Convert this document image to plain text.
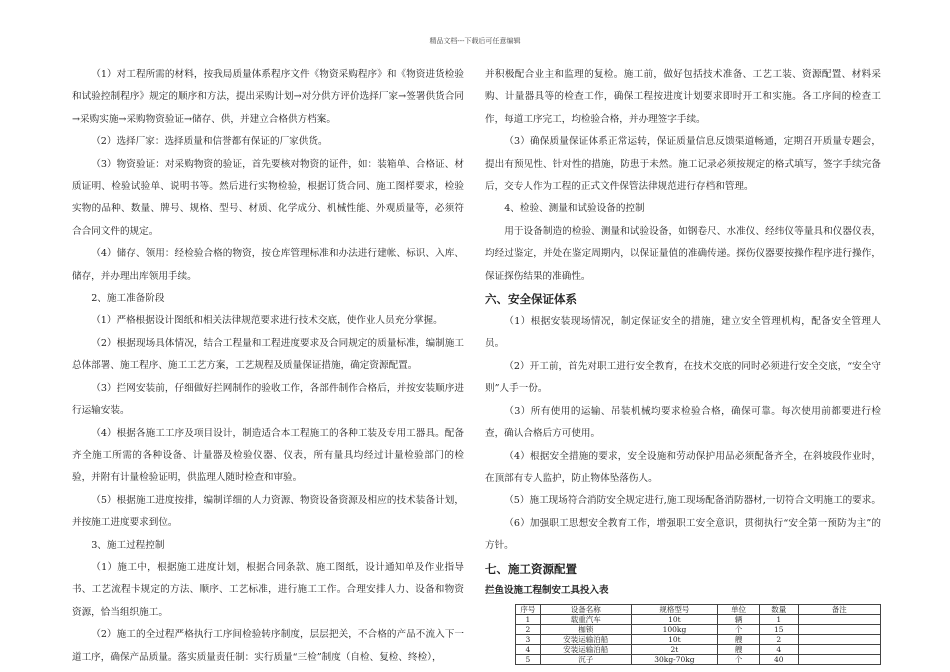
精品文档---下载后可任意编辑

（1）对工程所需的材料，按我局质量体系程序文件《物资采购程序》和《物资进货检验和试验控制程序》规定的顺序和方法，提出采购计划→对分供方评价选择厂家→签署供货合同→采购实施→采购物资验证→储存、供，并建立合格供方档案。

（2）选择厂家：选择质量和信誉都有保证的厂家供货。

（3）物资验证：对采购物资的验证，首先要核对物资的证件，如：装箱单、合格证、材质证明、检验试验单、说明书等。然后进行实物检验，根据订货合同、施工图样要求，检验实物的品种、数量、牌号、规格、型号、材质、化学成分、机械性能、外观质量等，必须符合合同文件的规定。

（4）储存、领用：经检验合格的物资，按仓库管理标准和办法进行建帐、标识、入库、储存，并办理出库领用手续。

2、施工准备阶段

（1）严格根据设计图纸和相关法律规范要求进行技术交底，使作业人员充分掌握。

（2）根据现场具体情况，结合工程量和工程进度要求及合同规定的质量标准，编制施工总体部署、施工程序、施工工艺方案，工艺规程及质量保证措施，确定资源配置。

（3）拦网安装前，仔细做好拦网制作的验收工作，各部件制作合格后，并按安装顺序进行运输安装。

（4）根据各施工工序及项目设计，制造适合本工程施工的各种工装及专用工器具。配备齐全施工所需的各种设备、计量器及检验仪器、仪表，所有量具均经过计量检验部门的检验，并附有计量检验证明，供监理人随时检查和审验。

（5）根据施工进度按排，编制详细的人力资源、物资设备资源及相应的技术装备计划，并按施工进度要求到位。

3、施工过程控制

（1）施工中，根据施工进度计划，根据合同条款、施工图纸，设计通知单及作业指导书、工艺流程卡规定的方法、顺序、工艺标准，进行施工工作。合理安排人力、设备和物资资源，恰当组织施工。

（2）施工的全过程严格执行工序间检验转序制度，层层把关，不合格的产品不流入下一道工序，确保产品质量。落实质量责任制：实行质量“三检”制度（自检、复检、终检），

并积极配合业主和监理的复检。施工前，做好包括技术准备、工艺工装、资源配置、材料采购、计量器具等的检查工作，确保工程按进度计划要求即时开工和实施。各工序间的检查工作，每道工序完工，均检验合格，并办理签字手续。

（3）确保质量保证体系正常运转，保证质量信息反馈渠道畅通，定期召开质量专题会，提出有预见性、针对性的措施，防患于未然。施工记录必须按规定的格式填写，签字手续完备后，交专人作为工程的正式文件保管法律规范进行存档和管理。

4、检验、测量和试验设备的控制

用于设备制造的检验、测量和试验设备，如钢卷尺、水准仪、经纬仪等量具和仪器仪表，均经过鉴定，并处在鉴定周期内，以保证量值的准确传递。探伤仪器要按操作程序进行操作，保证探伤结果的准确性。

六、安全保证体系

（1）根据安装现场情况，制定保证安全的措施，建立安全管理机构，配备安全管理人员。

（2）开工前，首先对职工进行安全教育，在技术交底的同时必须进行安全交底，“安全守则”人手一份。

（3）所有使用的运输、吊装机械均要求检验合格，确保可靠。每次使用前都要进行检查，确认合格后方可使用。

（4）根据安全措施的要求，安全设施和劳动保护用品必须配备齐全，在斜坡段作业时，在顶部有专人监护，防止物体坠落伤人。

（5）施工现场符合消防安全规定进行,施工现场配备消防器材,一切符合文明施工的要求。

（6）加强职工思想安全教育工作，增强职工安全意识，贯彻执行“安全第一预防为主”的方针。

七、施工资源配置

拦鱼设施工程制安工具投入表

序号	设备名称	规格型号	单位	数量	备注
1	载重汽车	10t	辆	1	
2	枷锁	100kg	个	15	
3	安装运输泊船	10t	艘	2	
4	安装运输泊船	2t	艘	4	
5	沉子	30kg-70kg	个	40	
